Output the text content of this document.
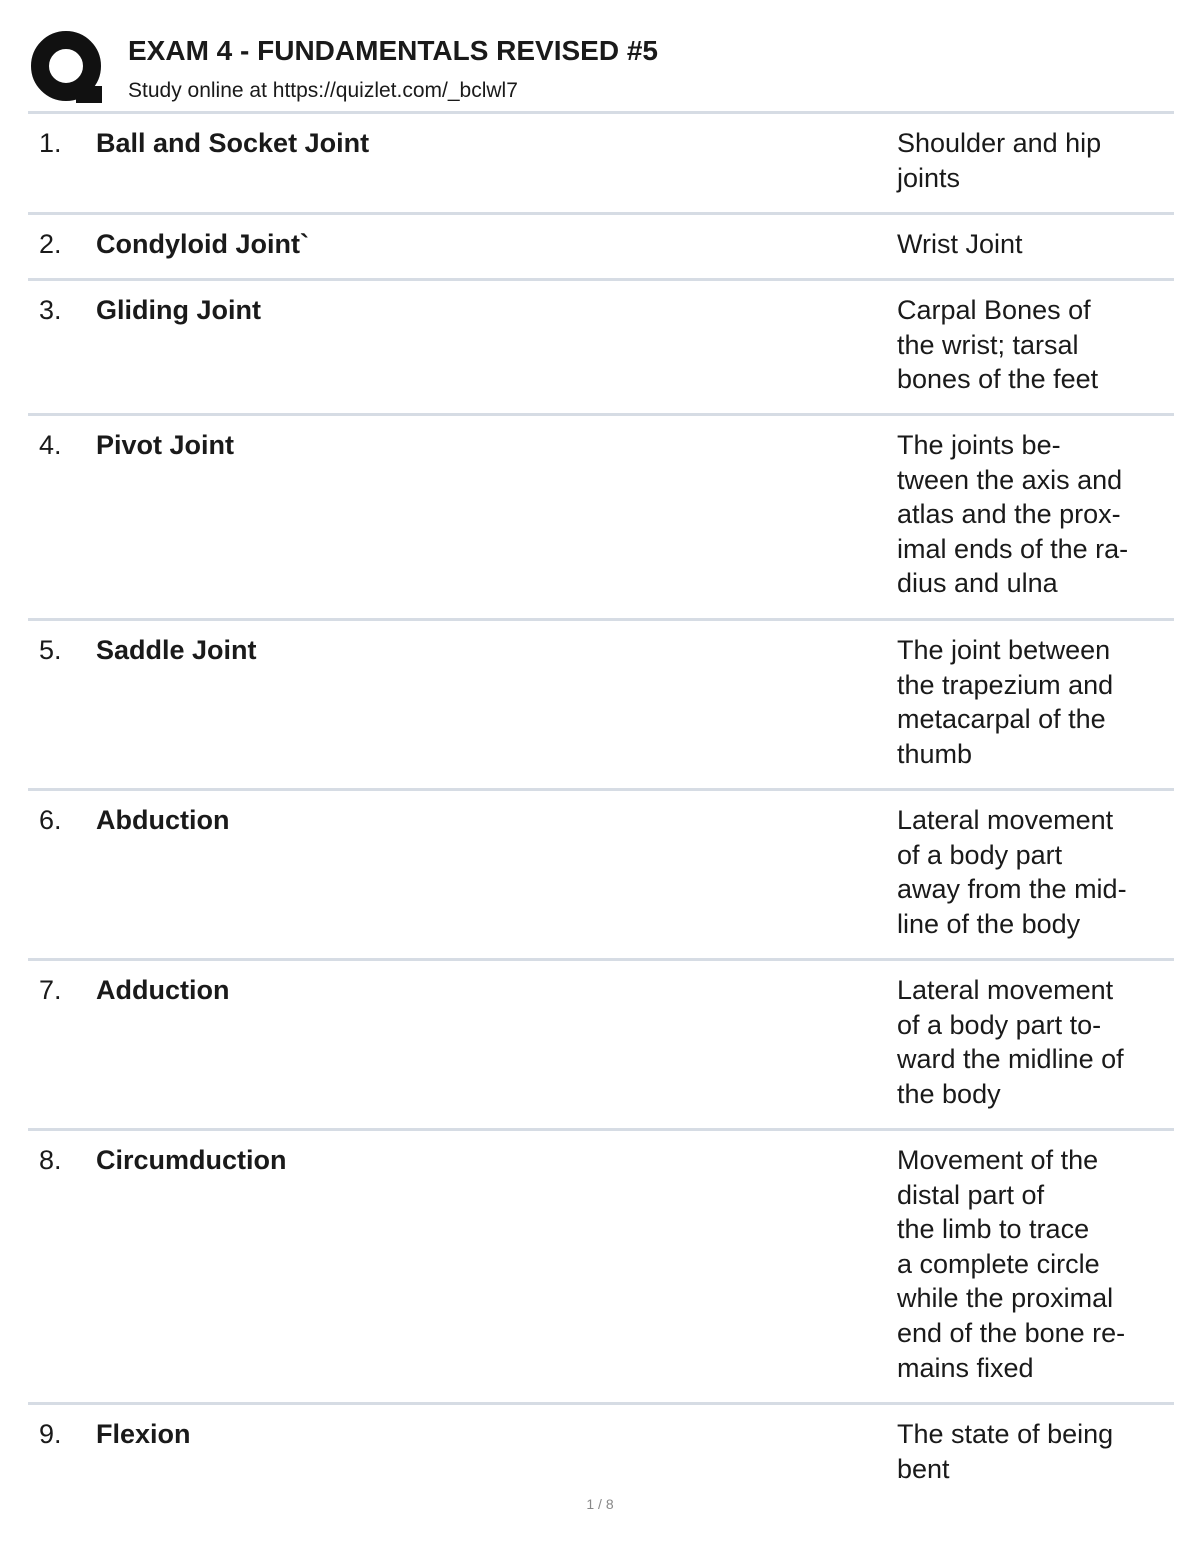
EXAM 4 - FUNDAMENTALS REVISED #5
Study online at https://quizlet.com/_bclwl7
1. Ball and Socket Joint	Shoulder and hip
joints
2. Condyloid Joint`	Wrist Joint
3. Gliding Joint	Carpal Bones of
the wrist; tarsal
bones of the feet
4. Pivot Joint	The joints be-
tween the axis and
atlas and the prox-
imal ends of the ra-
dius and ulna
5. Saddle Joint	The joint between
the trapezium and
metacarpal of the
thumb
6. Abduction	Lateral movement
of a body part
away from the mid-
line of the body
7. Adduction	Lateral movement
of a body part to-
ward the midline of
the body
8. Circumduction	Movement of the
distal part of
the limb to trace
a complete circle
while the proximal
end of the bone re-
mains fixed
9. Flexion	The state of being
bent
1 / 8
